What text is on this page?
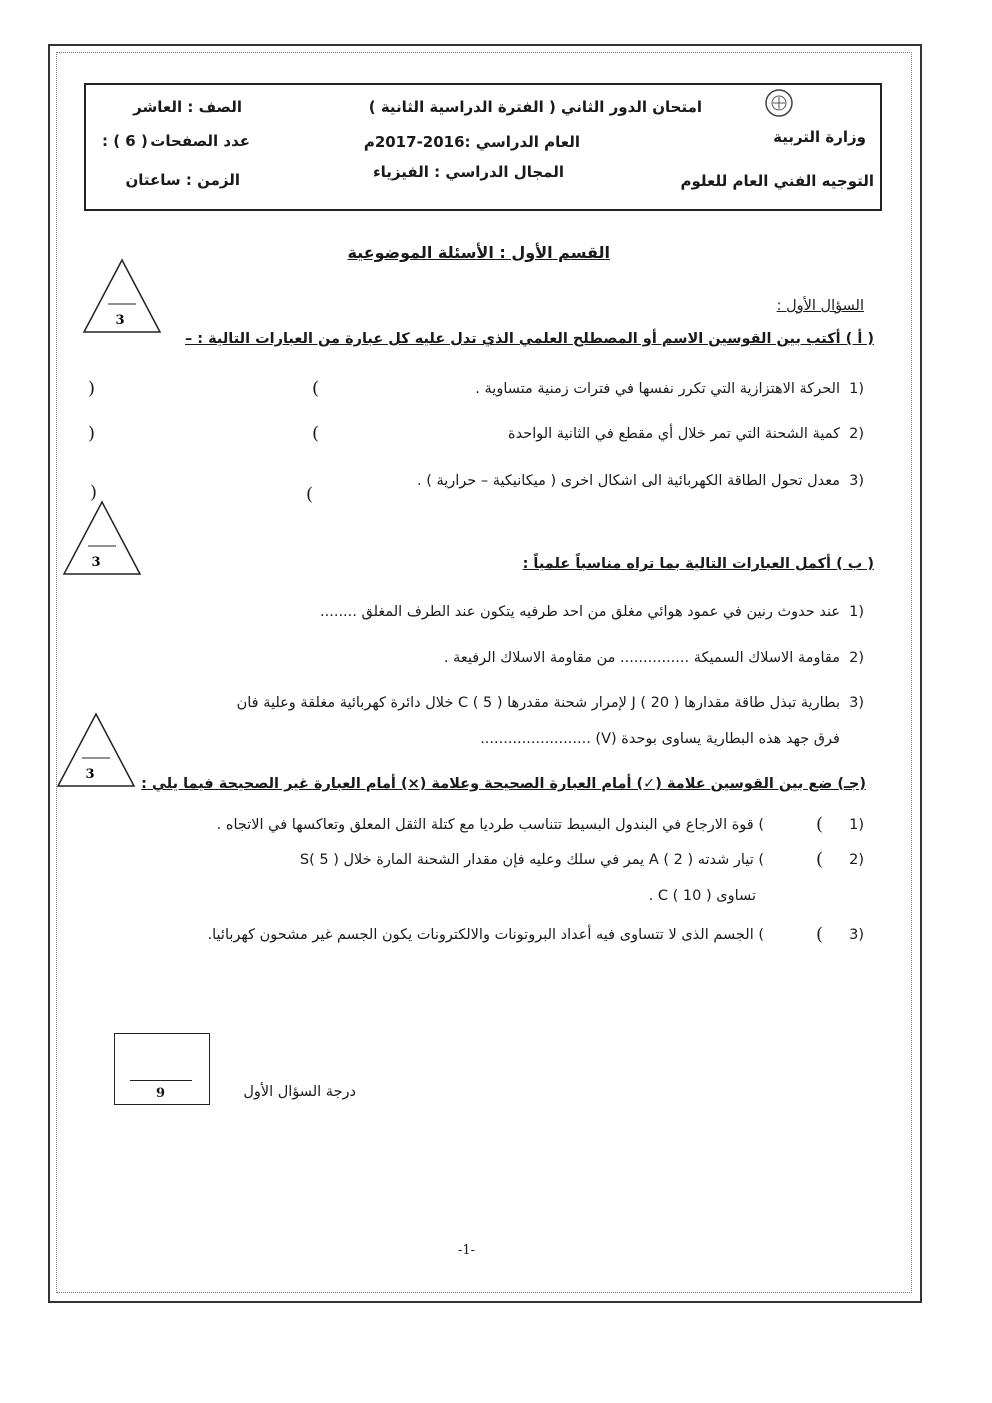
وزارة التربية
التوجيه الفني العام للعلوم
امتحان الدور الثاني ( الفترة الدراسية الثانية )
العام الدراسي :2016-2017م
المجال الدراسي : الفيزياء
الصف : العاشر
عدد الصفحات
: ( 6 )
الزمن : ساعتان
القسم الأول : الأسئلة الموضوعية
3
3
3
السؤال الأول :
( أ ) أكتب بين القوسين الاسم أو المصطلح العلمي الذي تدل عليه كل عبارة من العبارات التالية : –
1)
الحركة الاهتزازية التي تكرر نفسها في فترات زمنية متساوية .
(
)
2)
كمية الشحنة التي تمر خلال أي مقطع في الثانية الواحدة
(
)
3)
معدل تحول الطاقة الكهربائية الى اشكال اخرى ( ميكانيكية – حرارية ) .
(
)
( ب ) أكمل العبارات التالية بما تراه مناسباً علمياً :
1)
عند حدوث رنين في عمود هوائي مغلق من احد طرفيه يتكون عند الطرف المغلق ........
2)
مقاومة الاسلاك السميكة ............... من مقاومة الاسلاك الرفيعة .
3)
بطارية تبذل طاقة مقدارها J ( 20 ) لإمرار شحنة مقدرها C ( 5 ) خلال دائرة كهربائية مغلقة وعلية فان
فرق جهد هذه البطارية يساوى بوحدة (V) ........................
(جـ) ضع بين القوسين علامة (✓) أمام العبارة الصحيحة وعلامة (×) أمام العبارة غير الصحيحة فيما يلي :
1)
(
) قوة الارجاع في البندول البسيط تتناسب طرديا مع كتلة الثقل المعلق وتعاكسها في الاتجاه .
2)
(
) تيار شدته A ( 2 ) يمر في سلك وعليه فإن مقدار الشحنة المارة خلال S( 5 )
تساوى C ( 10 ) .
3)
(
) الجسم الذى لا تتساوى فيه أعداد البروتونات والالكترونات يكون الجسم غير مشحون كهربائيا.
9	درجة السؤال الأول
-1-
